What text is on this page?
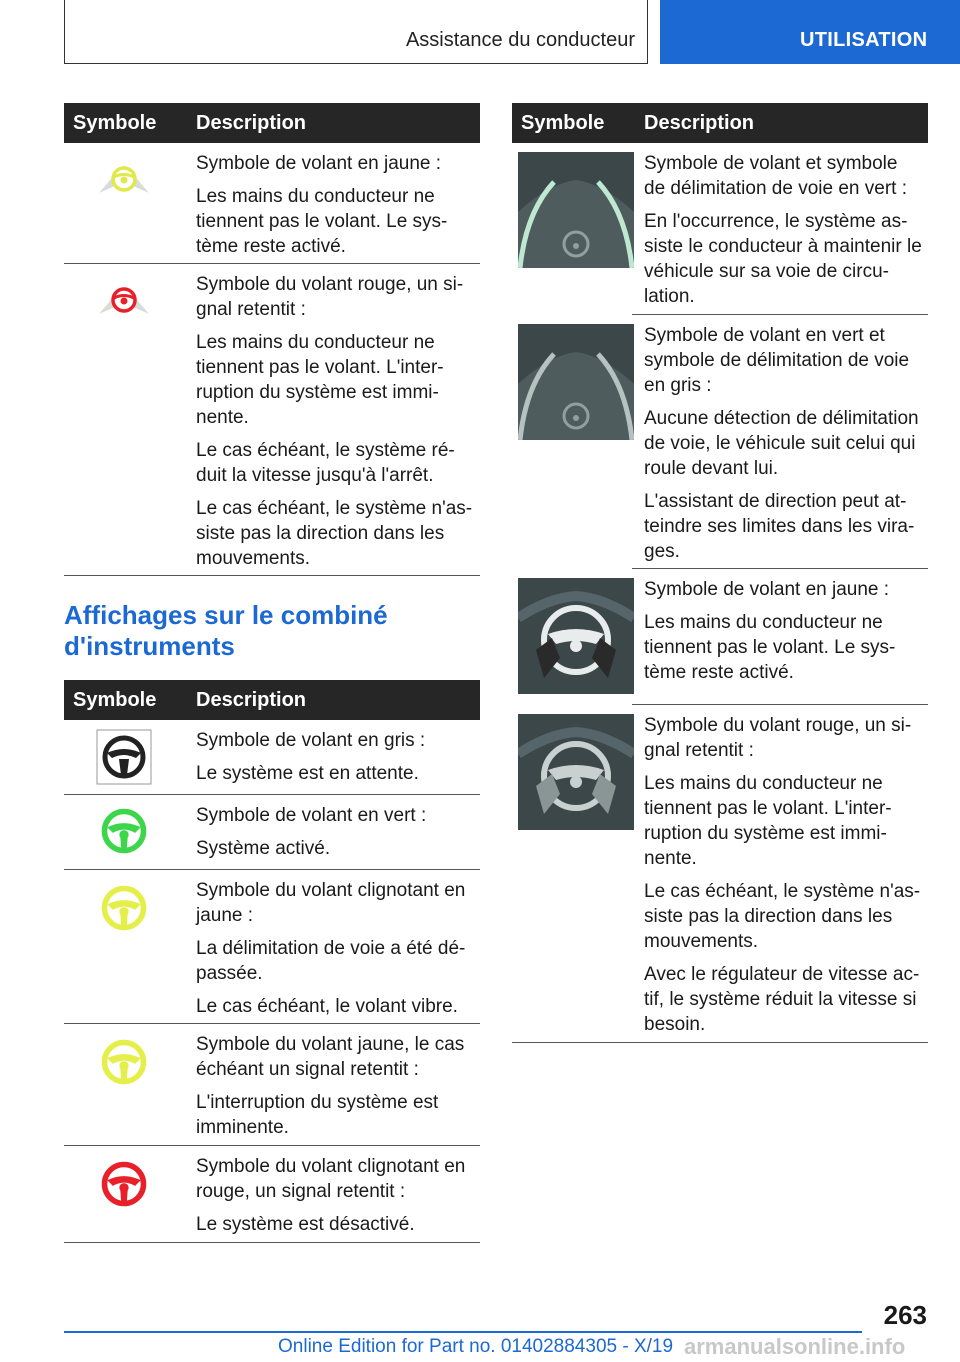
Assistance du conducteur	UTILISATION
Symbole Description

Symbole de volant en jaune :

Les mains du conducteur ne tiennent pas le volant. Le système reste activé.

Symbole du volant rouge, un signal retentit :

Les mains du conducteur ne tiennent pas le volant. L'interruption du système est imminente.

Le cas échéant, le système réduit la vitesse jusqu'à l'arrêt.

Le cas échéant, le système n'assiste pas la direction dans les mouvements.

Affichages sur le combiné d'instruments
Symbole Description

Symbole de volant en gris :

Le système est en attente.

Symbole de volant en vert :

Système activé.

Symbole du volant clignotant en jaune :

La délimitation de voie a été dépassée.

Le cas échéant, le volant vibre.

Symbole du volant jaune, le cas échéant un signal retentit :

L'interruption du système est imminente.

Symbole du volant clignotant en rouge, un signal retentit :

Le système est désactivé.

Symbole Description

Symbole de volant et symbole de délimitation de voie en vert :

En l'occurrence, le système assiste le conducteur à maintenir le véhicule sur sa voie de circulation.

Symbole de volant en vert et symbole de délimitation de voie en gris :

Aucune détection de délimitation de voie, le véhicule suit celui qui roule devant lui.

L'assistant de direction peut atteindre ses limites dans les virages.

Symbole de volant en jaune :

Les mains du conducteur ne tiennent pas le volant. Le système reste activé.

Symbole du volant rouge, un signal retentit :

Les mains du conducteur ne tiennent pas le volant. L'interruption du système est imminente.

Le cas échéant, le système n'assiste pas la direction dans les mouvements.

Avec le régulateur de vitesse actif, le système réduit la vitesse si besoin.

263
Online Edition for Part no. 01402884305 - X/19 armanualsonline.info
